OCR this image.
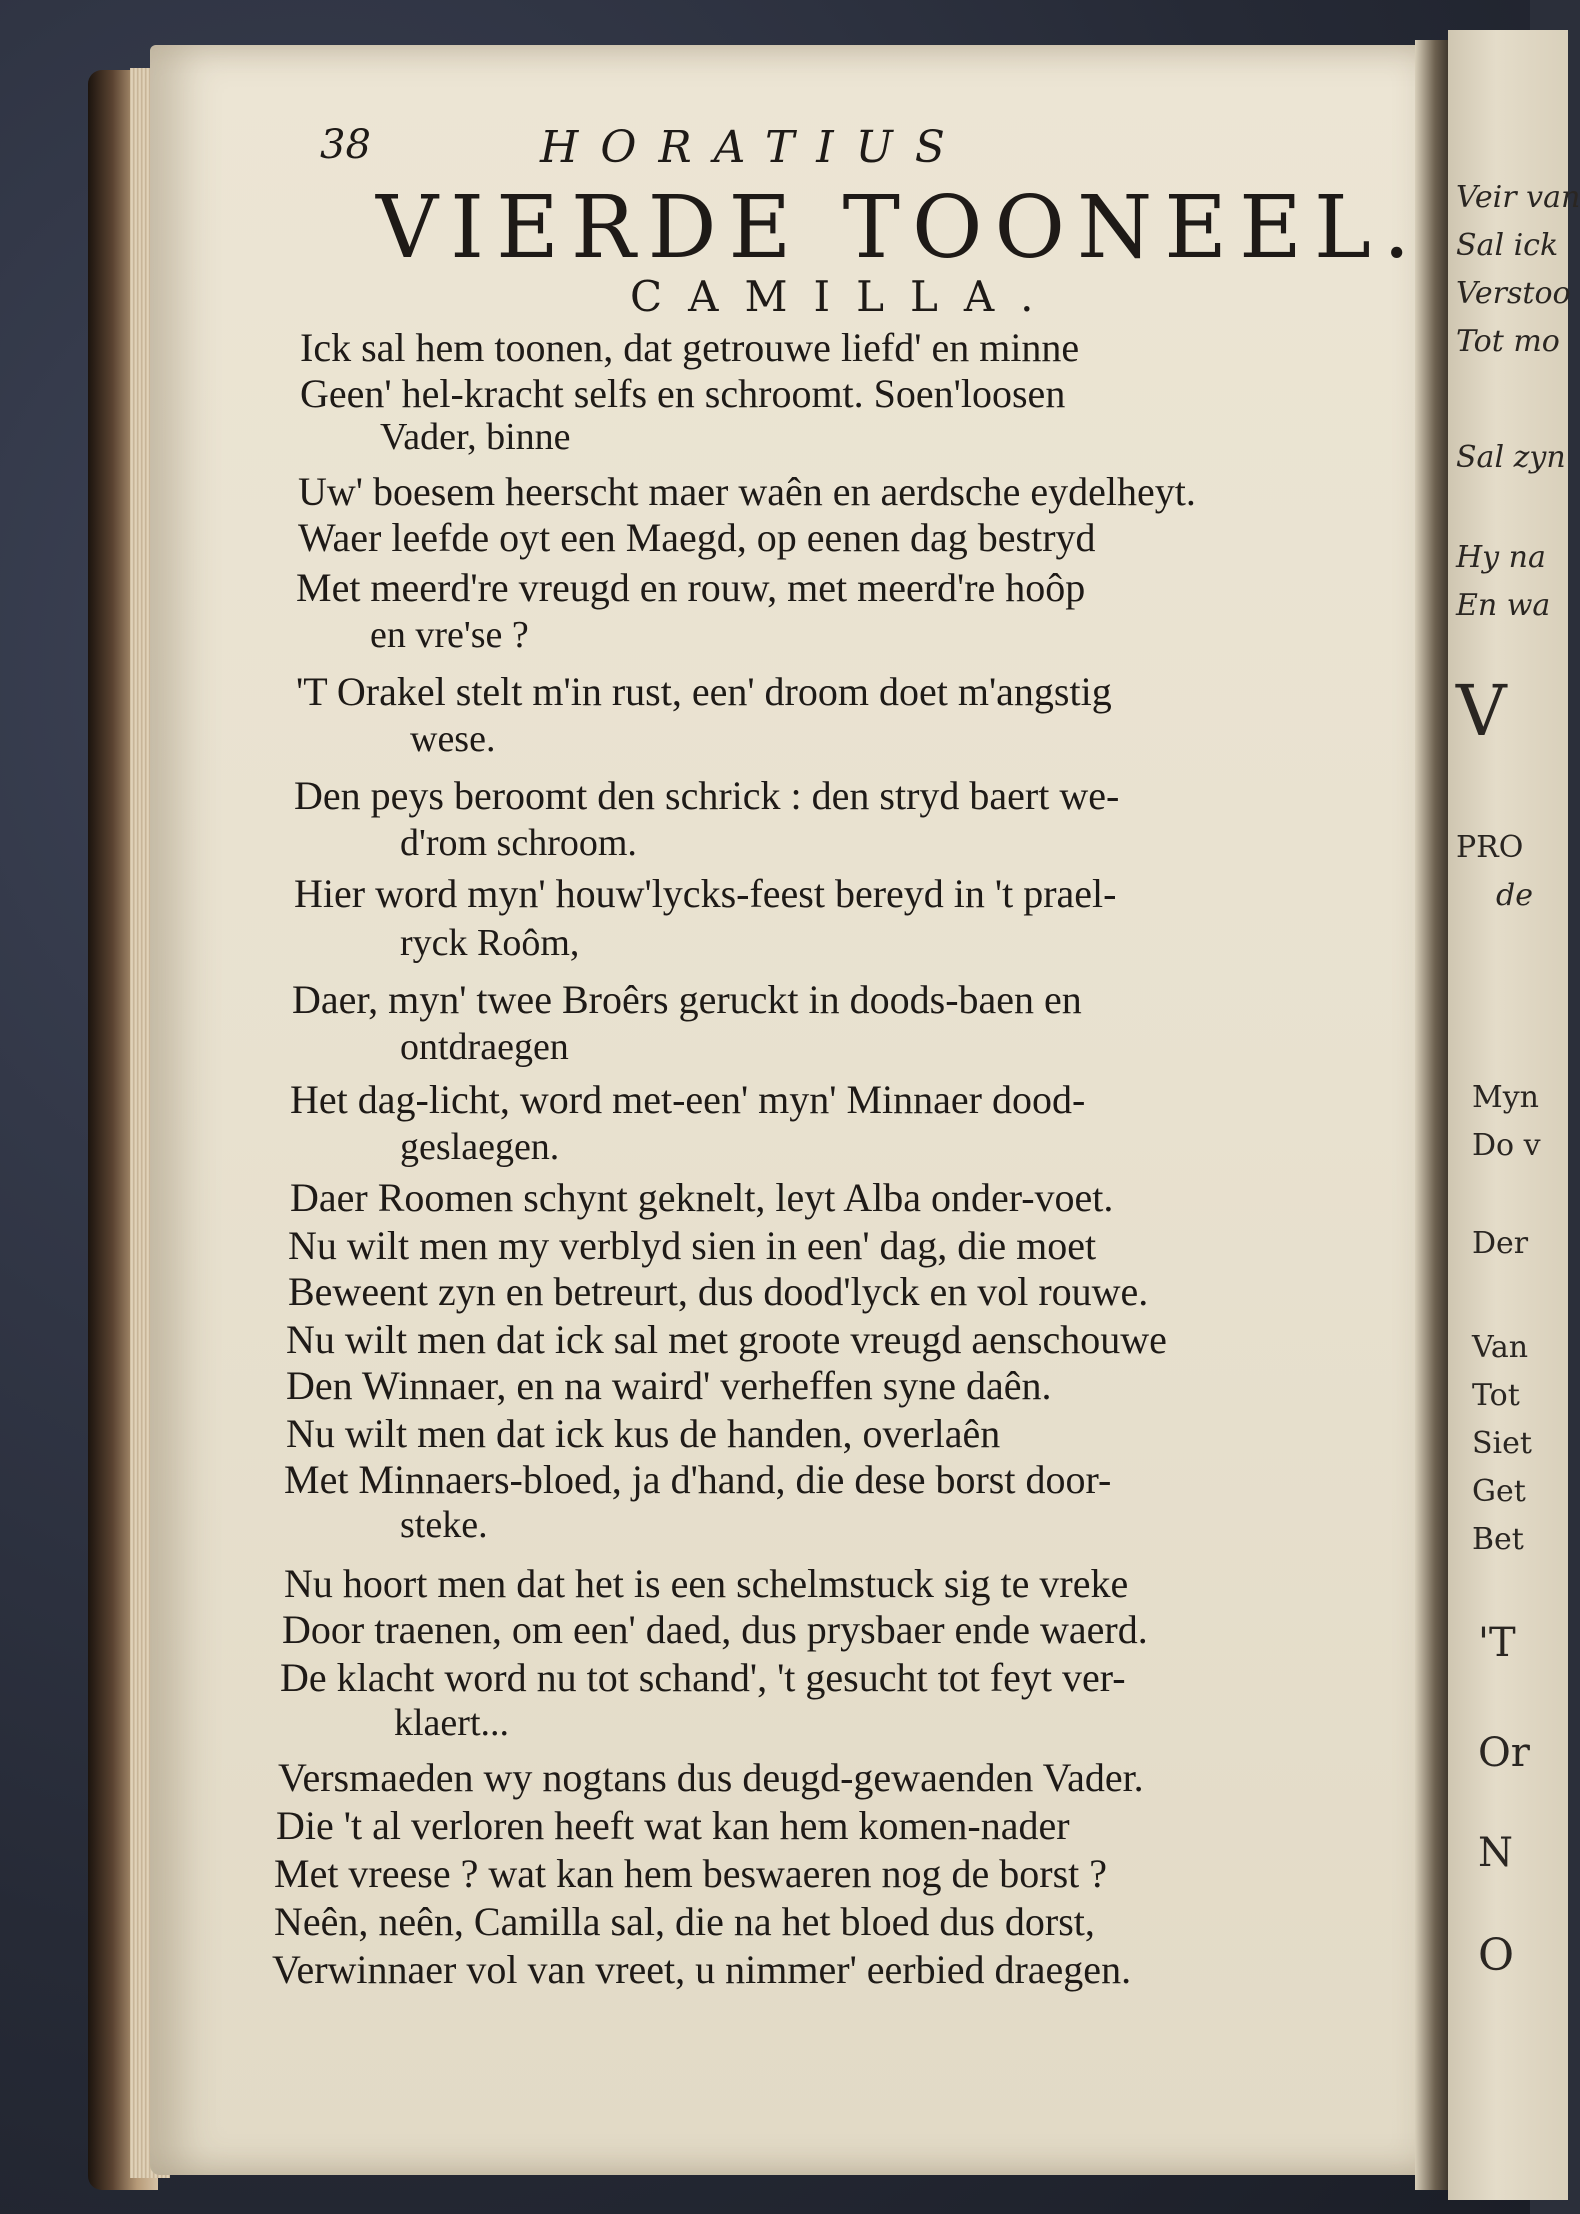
Veir van
Sal ick
Verstoo
Tot mo
Sal zyn
Hy na
En wa
V
PRO
de
Myn
Do v
Der
Van
Tot
Siet
Get
Bet
'T
Or
N
O
38	HORATIUS
VIERDE TOONEEL.
CAMILLA.
Ick sal hem toonen, dat getrouwe liefd' en minne
Geen' hel-kracht selfs en schroomt. Soen'loosen
Vader, binne
Uw' boesem heerscht maer waên en aerdsche eydelheyt.
Waer leefde oyt een Maegd, op eenen dag bestryd
Met meerd're vreugd en rouw, met meerd're hoôp
en vre'se ?
'T Orakel stelt m'in rust, een' droom doet m'angstig
wese.
Den peys beroomt den schrick : den stryd baert we-
d'rom schroom.
Hier word myn' houw'lycks-feest bereyd in 't prael-
ryck Roôm,
Daer, myn' twee Broêrs geruckt in doods-baen en
ontdraegen
Het dag-licht, word met-een' myn' Minnaer dood-
geslaegen.
Daer Roomen schynt geknelt, leyt Alba onder-voet.
Nu wilt men my verblyd sien in een' dag, die moet
Beweent zyn en betreurt, dus dood'lyck en vol rouwe.
Nu wilt men dat ick sal met groote vreugd aenschouwe
Den Winnaer, en na waird' verheffen syne daên.
Nu wilt men dat ick kus de handen, overlaên
Met Minnaers-bloed, ja d'hand, die dese borst door-
steke.
Nu hoort men dat het is een schelmstuck sig te vreke
Door traenen, om een' daed, dus prysbaer ende waerd.
De klacht word nu tot schand', 't gesucht tot feyt ver-
klaert...
Versmaeden wy nogtans dus deugd-gewaenden Vader.
Die 't al verloren heeft wat kan hem komen-nader
Met vreese ? wat kan hem beswaeren nog de borst ?
Neên, neên, Camilla sal, die na het bloed dus dorst,
Verwinnaer vol van vreet, u nimmer' eerbied draegen.
